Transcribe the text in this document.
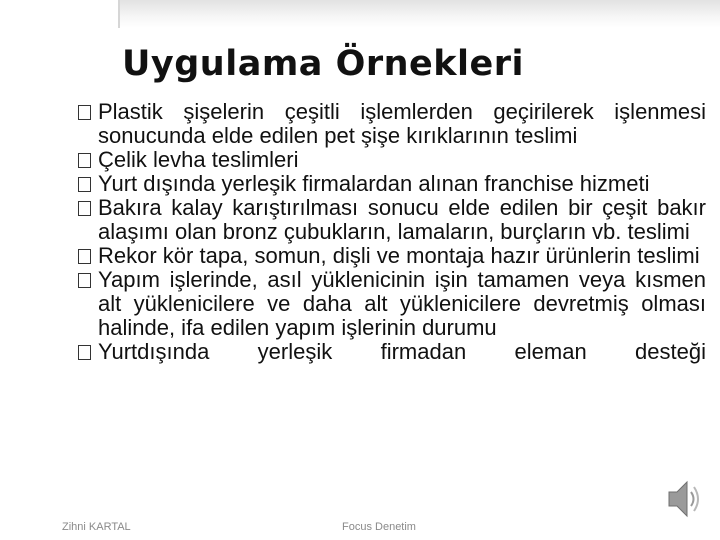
Uygulama Örnekleri
Plastik şişelerin çeşitli işlemlerden geçirilerek işlenmesi sonucunda elde edilen pet şişe kırıklarının teslimi
Çelik levha teslimleri
Yurt dışında yerleşik firmalardan alınan franchise hizmeti
Bakıra kalay karıştırılması sonucu elde edilen bir çeşit bakır alaşımı olan bronz çubukların, lamaların, burçların vb. teslimi
Rekor kör tapa, somun, dişli ve montaja hazır ürünlerin teslimi
Yapım işlerinde, asıl yüklenicinin işin tamamen veya kısmen alt yüklenicilere ve daha alt yüklenicilere devretmiş olması halinde, ifa edilen yapım işlerinin durumu
Yurtdışında yerleşik firmadan eleman desteği
Zihni KARTAL	Focus Denetim
